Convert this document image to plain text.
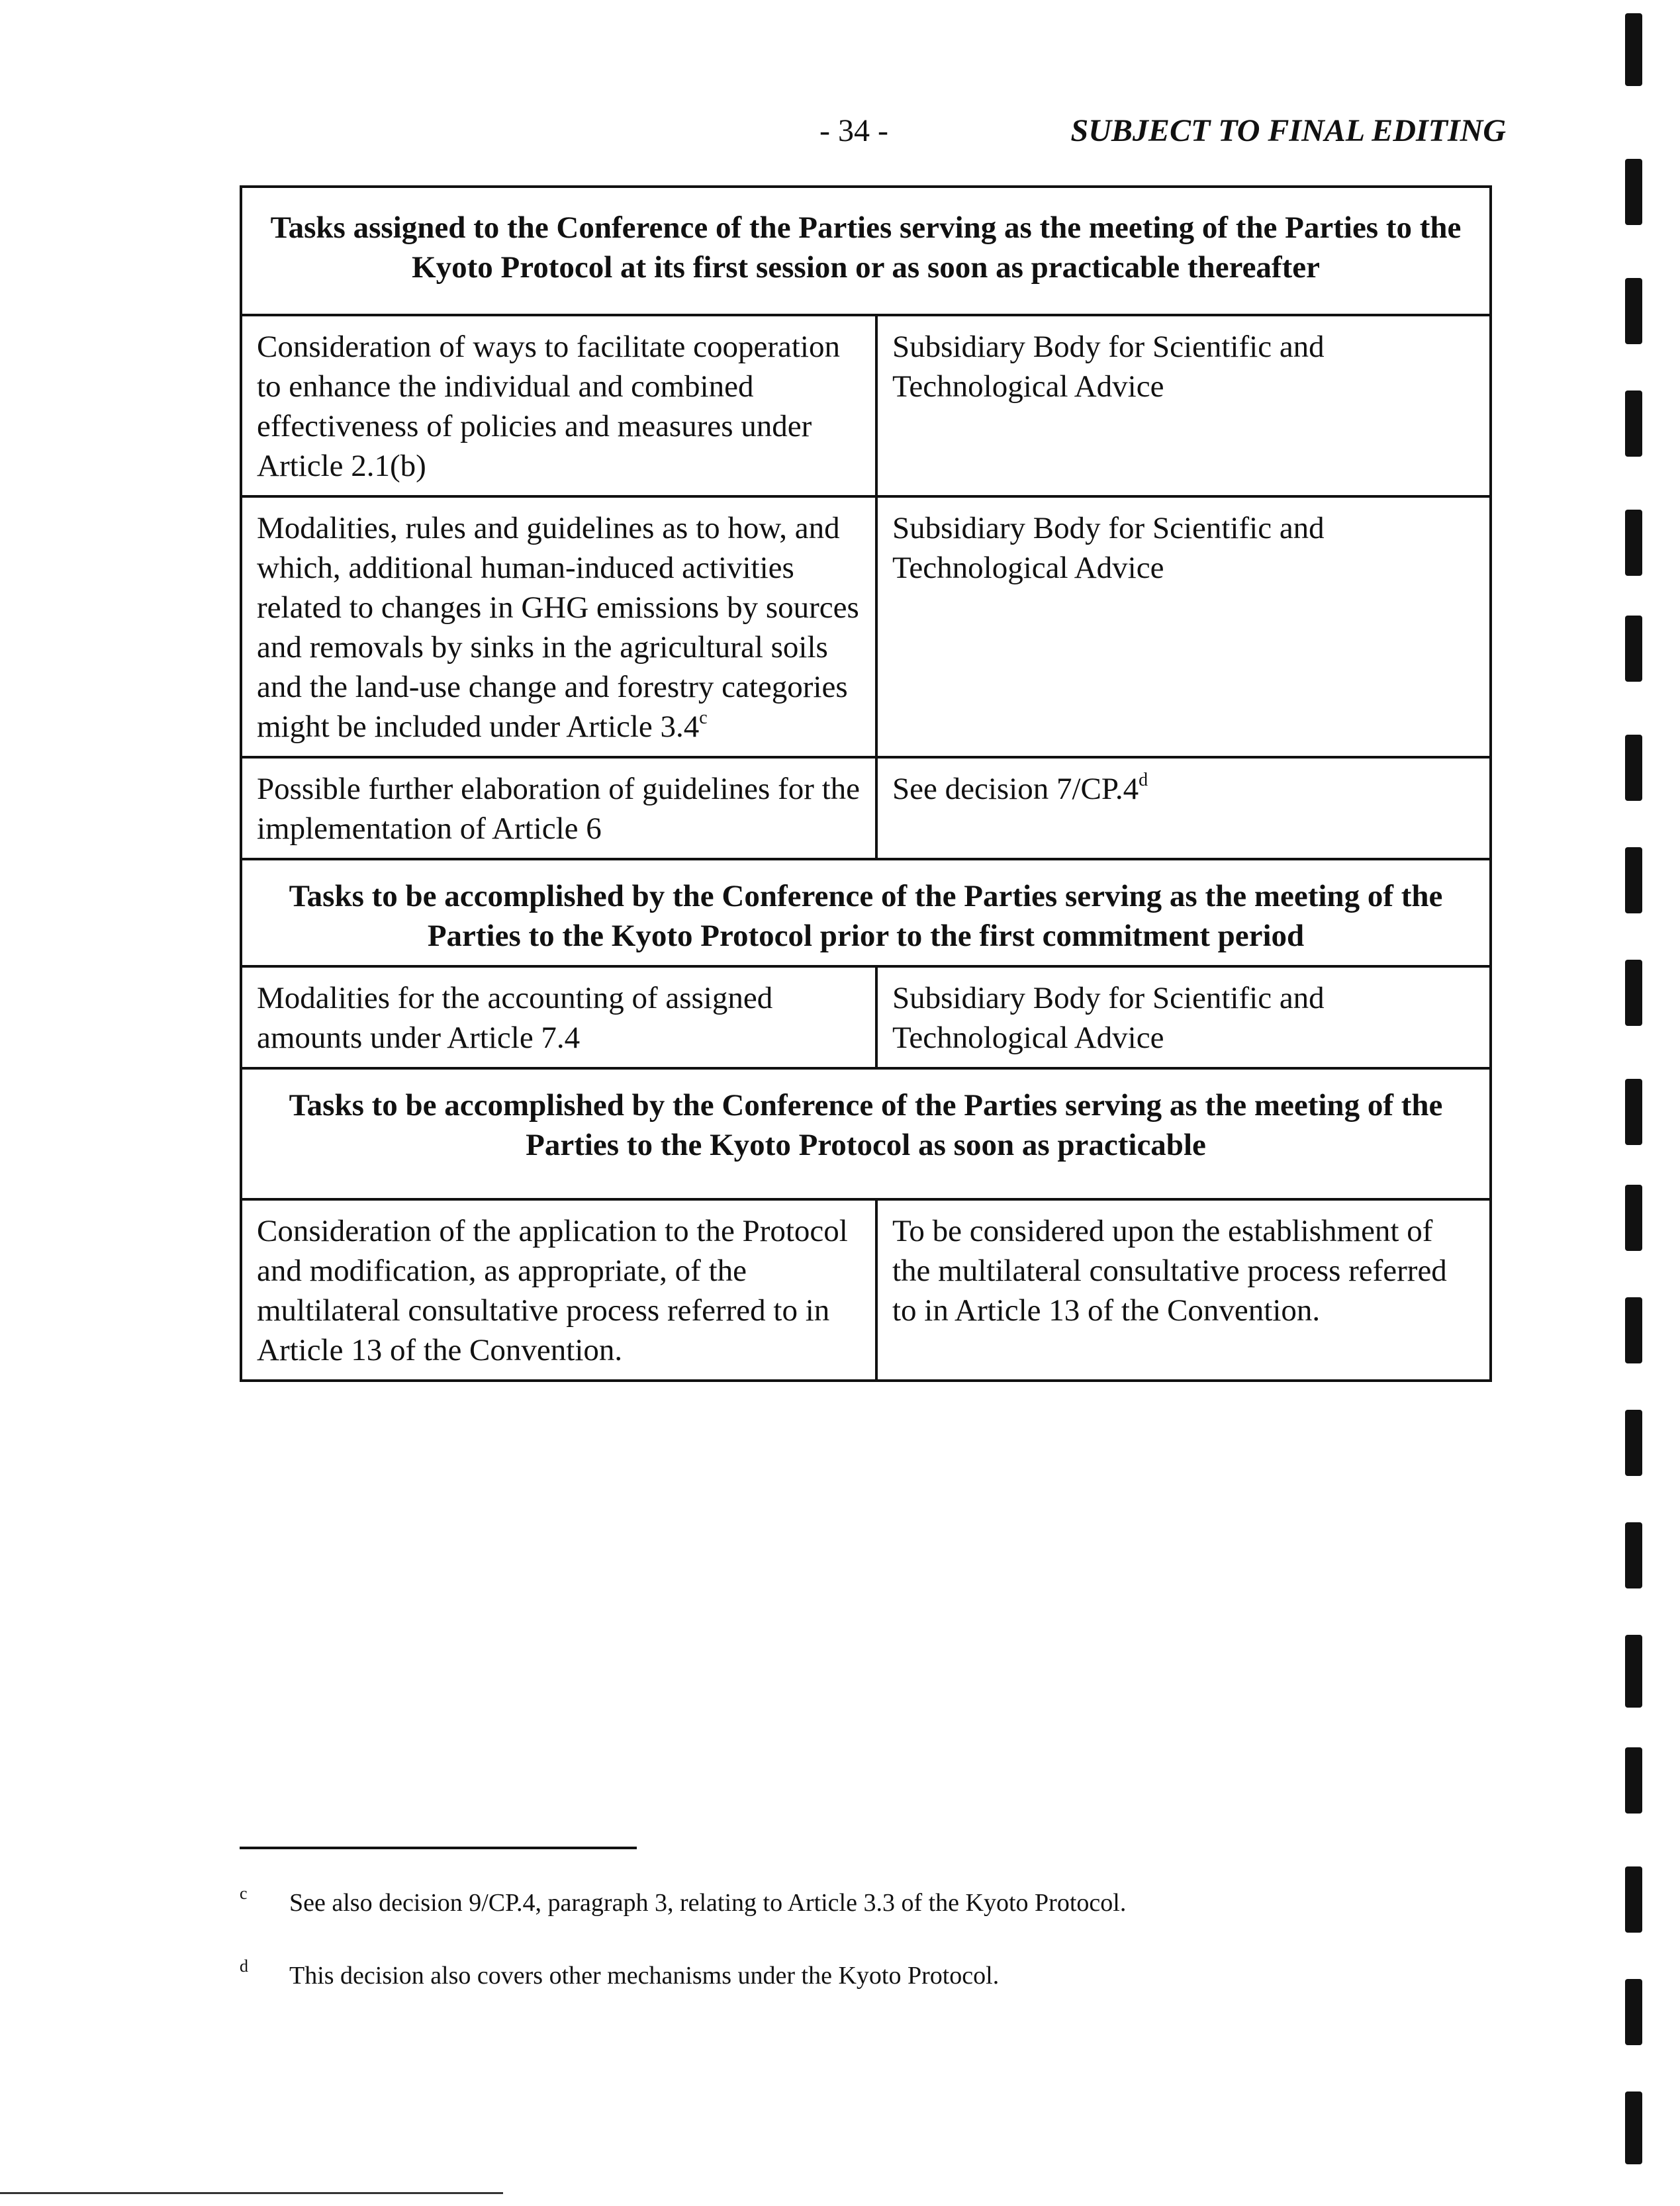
- 34 -	SUBJECT TO FINAL EDITING
Tasks assigned to the Conference of the Parties serving as the meeting of the Parties to the Kyoto Protocol at its first session or as soon as practicable thereafter	
Consideration of ways to facilitate cooperation to enhance the individual and combined effectiveness of policies and measures under Article 2.1(b)	Subsidiary Body for Scientific and Technological Advice
Modalities, rules and guidelines as to how, and which, additional human-induced activities related to changes in GHG emissions by sources and removals by sinks in the agricultural soils and the land-use change and forestry categories might be included under Article 3.4$^c$	Subsidiary Body for Scientific and Technological Advice
Possible further elaboration of guidelines for the implementation of Article 6	See decision 7/CP.4$^d$
Tasks to be accomplished by the Conference of the Parties serving as the meeting of the Parties to the Kyoto Protocol prior to the first commitment period	
Modalities for the accounting of assigned amounts under Article 7.4	Subsidiary Body for Scientific and Technological Advice
Tasks to be accomplished by the Conference of the Parties serving as the meeting of the Parties to the Kyoto Protocol as soon as practicable	
Consideration of the application to the Protocol and modification, as appropriate, of the multilateral consultative process referred to in Article 13 of the Convention.	To be considered upon the establishment of the multilateral consultative process referred to in Article 13 of the Convention.
c See also decision 9/CP.4, paragraph 3, relating to Article 3.3 of the Kyoto Protocol.
d This decision also covers other mechanisms under the Kyoto Protocol.
